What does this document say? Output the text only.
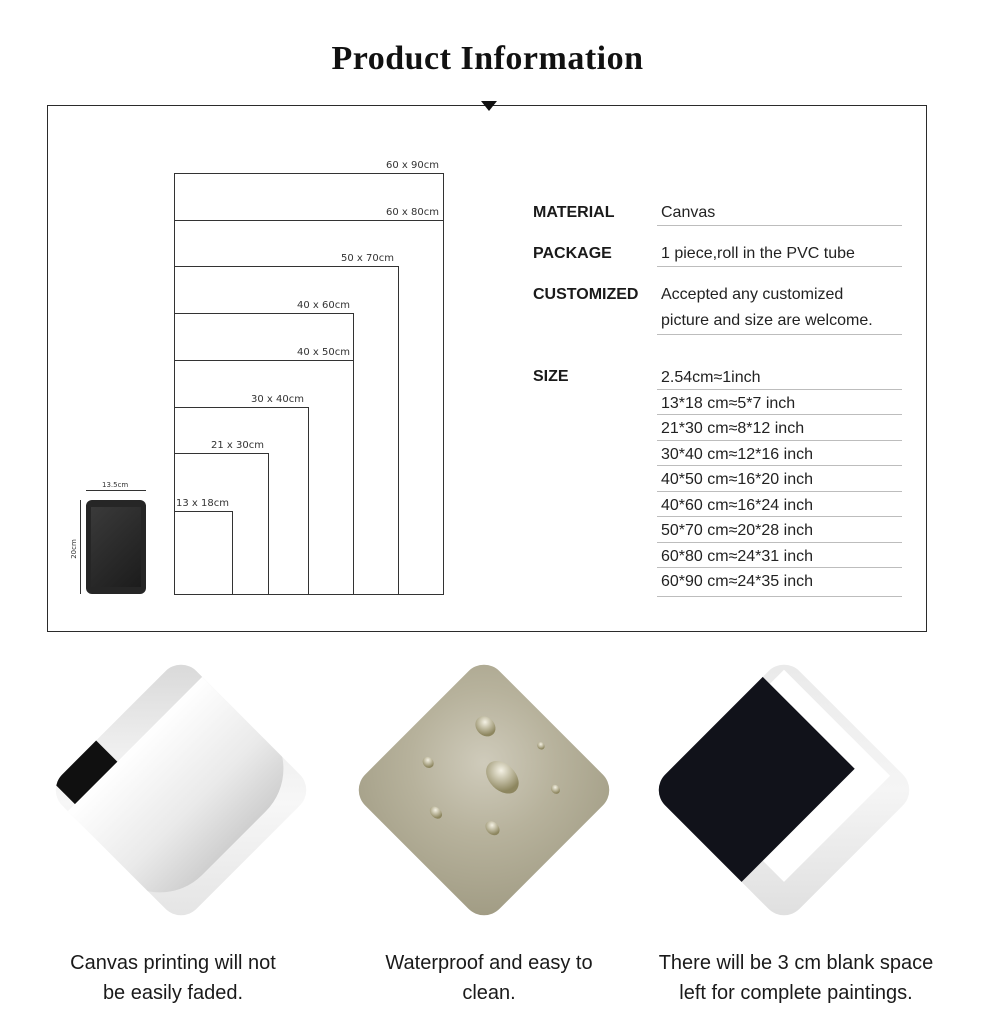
Product Information
60 x 90cm
60 x 80cm
50 x 70cm
40 x 60cm
40 x 50cm
30 x 40cm
21 x 30cm
13 x 18cm
13.5cm
20cm
MATERIAL	Canvas
PACKAGE	1 piece,roll in the PVC tube
CUSTOMIZED Accepted any customized
picture and size are welcome.
SIZE	2.54cm≈1inch
13*18 cm≈5*7 inch
21*30 cm≈8*12 inch
30*40 cm≈12*16 inch
40*50 cm≈16*20 inch
40*60 cm≈16*24 inch
50*70 cm≈20*28 inch
60*80 cm≈24*31 inch
60*90 cm≈24*35 inch
Canvas printing will not
be easily faded.
Waterproof and easy to
clean.
There will be 3 cm blank space
left for complete paintings.
